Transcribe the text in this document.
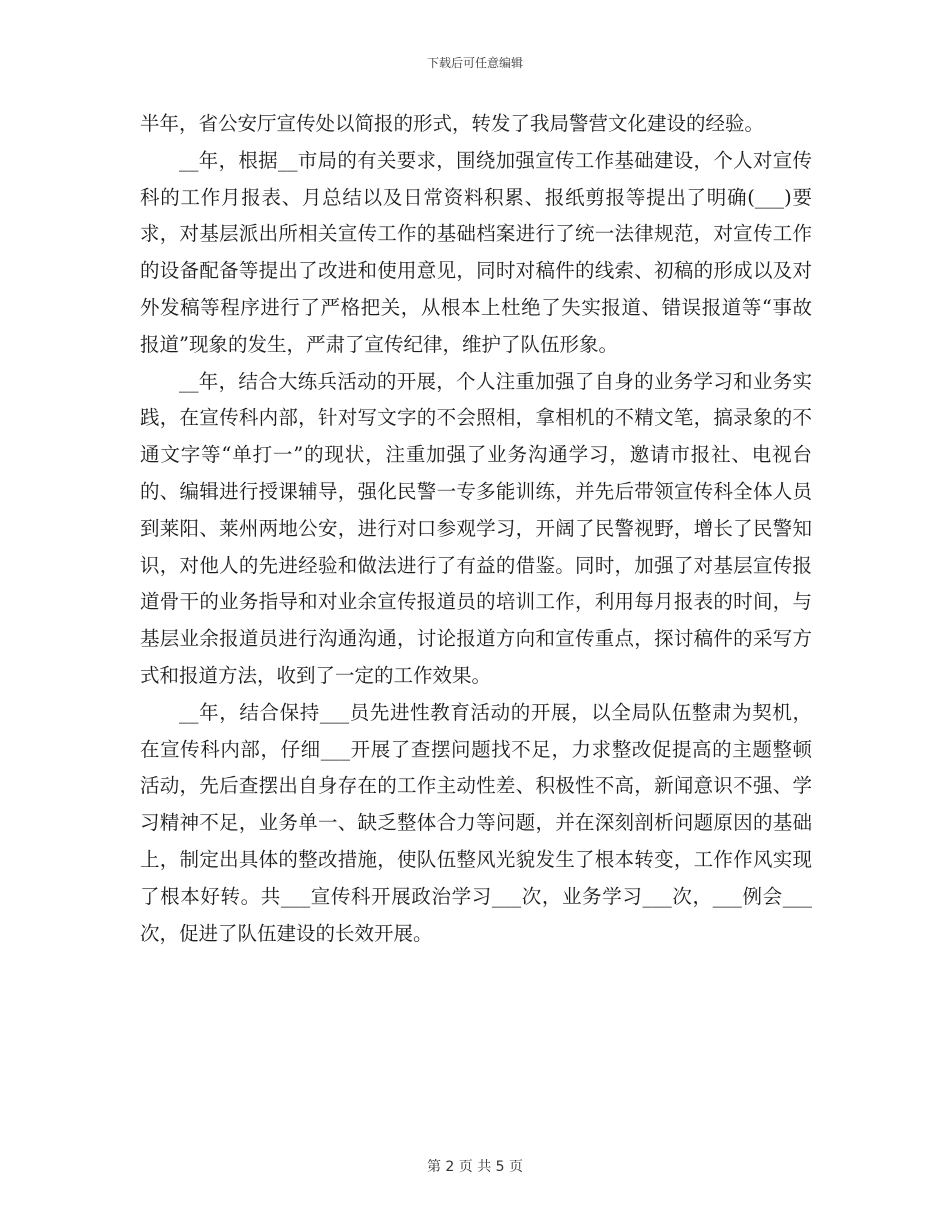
下载后可任意编辑

半年，省公安厅宣传处以简报的形式，转发了我局警营文化建设的经验。

__年，根据__市局的有关要求，围绕加强宣传工作基础建设，个人对宣传科的工作月报表、月总结以及日常资料积累、报纸剪报等提出了明确(___)要求，对基层派出所相关宣传工作的基础档案进行了统一法律规范，对宣传工作的设备配备等提出了改进和使用意见，同时对稿件的线索、初稿的形成以及对外发稿等程序进行了严格把关，从根本上杜绝了失实报道、错误报道等“事故报道”现象的发生，严肃了宣传纪律，维护了队伍形象。

__年，结合大练兵活动的开展，个人注重加强了自身的业务学习和业务实践，在宣传科内部，针对写文字的不会照相，拿相机的不精文笔，搞录象的不通文字等“单打一”的现状，注重加强了业务沟通学习，邀请市报社、电视台的、编辑进行授课辅导，强化民警一专多能训练，并先后带领宣传科全体人员到莱阳、莱州两地公安，进行对口参观学习，开阔了民警视野，增长了民警知识，对他人的先进经验和做法进行了有益的借鉴。同时，加强了对基层宣传报道骨干的业务指导和对业余宣传报道员的培训工作，利用每月报表的时间，与基层业余报道员进行沟通沟通，讨论报道方向和宣传重点，探讨稿件的采写方式和报道方法，收到了一定的工作效果。

__年，结合保持___员先进性教育活动的开展，以全局队伍整肃为契机，在宣传科内部，仔细___开展了查摆问题找不足，力求整改促提高的主题整顿活动，先后查摆出自身存在的工作主动性差、积极性不高，新闻意识不强、学习精神不足，业务单一、缺乏整体合力等问题，并在深刻剖析问题原因的基础上，制定出具体的整改措施，使队伍整风光貌发生了根本转变，工作作风实现了根本好转。共___宣传科开展政治学习___次，业务学习___次，___例会___次，促进了队伍建设的长效开展。

第 2 页 共 5 页
